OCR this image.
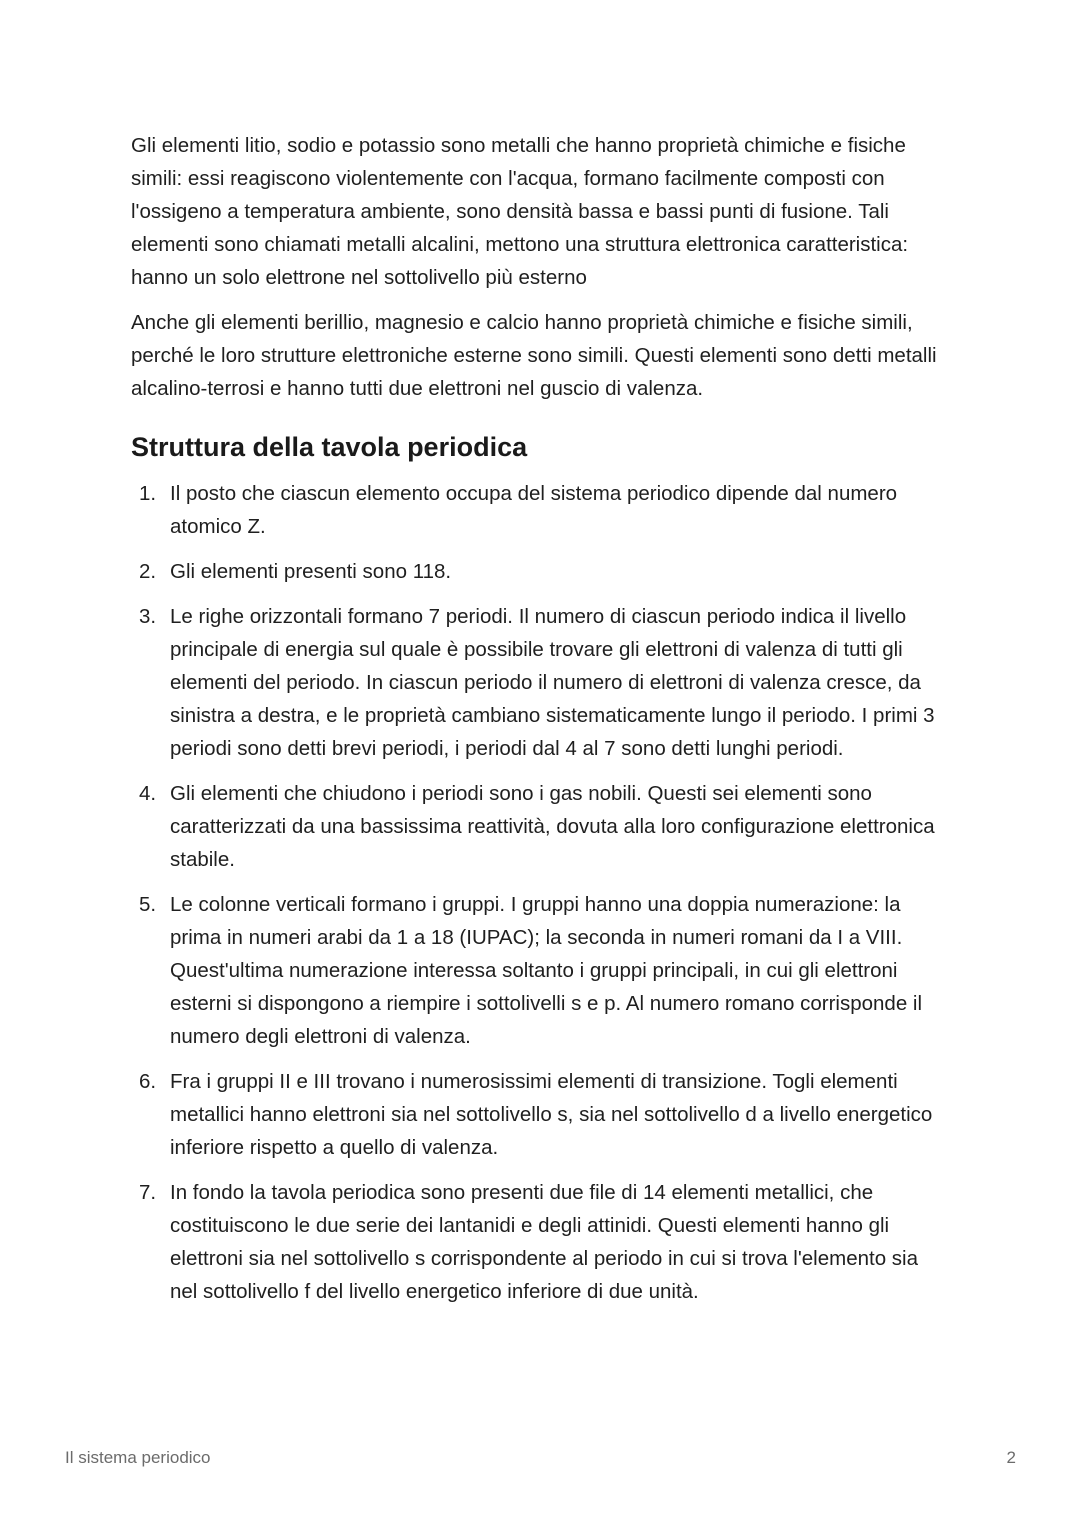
Gli elementi litio, sodio e potassio sono metalli che hanno proprietà chimiche e fisiche simili: essi reagiscono violentemente con l'acqua, formano facilmente composti con l'ossigeno a temperatura ambiente, sono densità bassa e bassi punti di fusione. Tali elementi sono chiamati metalli alcalini, mettono una struttura elettronica caratteristica: hanno un solo elettrone nel sottolivello più esterno

Anche gli elementi berillio, magnesio e calcio hanno proprietà chimiche e fisiche simili, perché le loro strutture elettroniche esterne sono simili. Questi elementi sono detti metalli alcalino-terrosi e hanno tutti due elettroni nel guscio di valenza.

Struttura della tavola periodica
1. Il posto che ciascun elemento occupa del sistema periodico dipende dal numero atomico Z.
2. Gli elementi presenti sono 118.
3. Le righe orizzontali formano 7 periodi. Il numero di ciascun periodo indica il livello principale di energia sul quale è possibile trovare gli elettroni di valenza di tutti gli elementi del periodo. In ciascun periodo il numero di elettroni di valenza cresce, da sinistra a destra, e le proprietà cambiano sistematicamente lungo il periodo. I primi 3 periodi sono detti brevi periodi, i periodi dal 4 al 7 sono detti lunghi periodi.
4. Gli elementi che chiudono i periodi sono i gas nobili. Questi sei elementi sono caratterizzati da una bassissima reattività, dovuta alla loro configurazione elettronica stabile.
5. Le colonne verticali formano i gruppi. I gruppi hanno una doppia numerazione: la prima in numeri arabi da 1 a 18 (IUPAC); la seconda in numeri romani da I a VIII. Quest'ultima numerazione interessa soltanto i gruppi principali, in cui gli elettroni esterni si dispongono a riempire i sottolivelli s e p. Al numero romano corrisponde il numero degli elettroni di valenza.
6. Fra i gruppi II e III trovano i numerosissimi elementi di transizione. Togli elementi metallici hanno elettroni sia nel sottolivello s, sia nel sottolivello d a livello energetico inferiore rispetto a quello di valenza.
7. In fondo la tavola periodica sono presenti due file di 14 elementi metallici, che costituiscono le due serie dei lantanidi e degli attinidi. Questi elementi hanno gli elettroni sia nel sottolivello s corrispondente al periodo in cui si trova l'elemento sia nel sottolivello f del livello energetico inferiore di due unità.
Il sistema periodico	2
